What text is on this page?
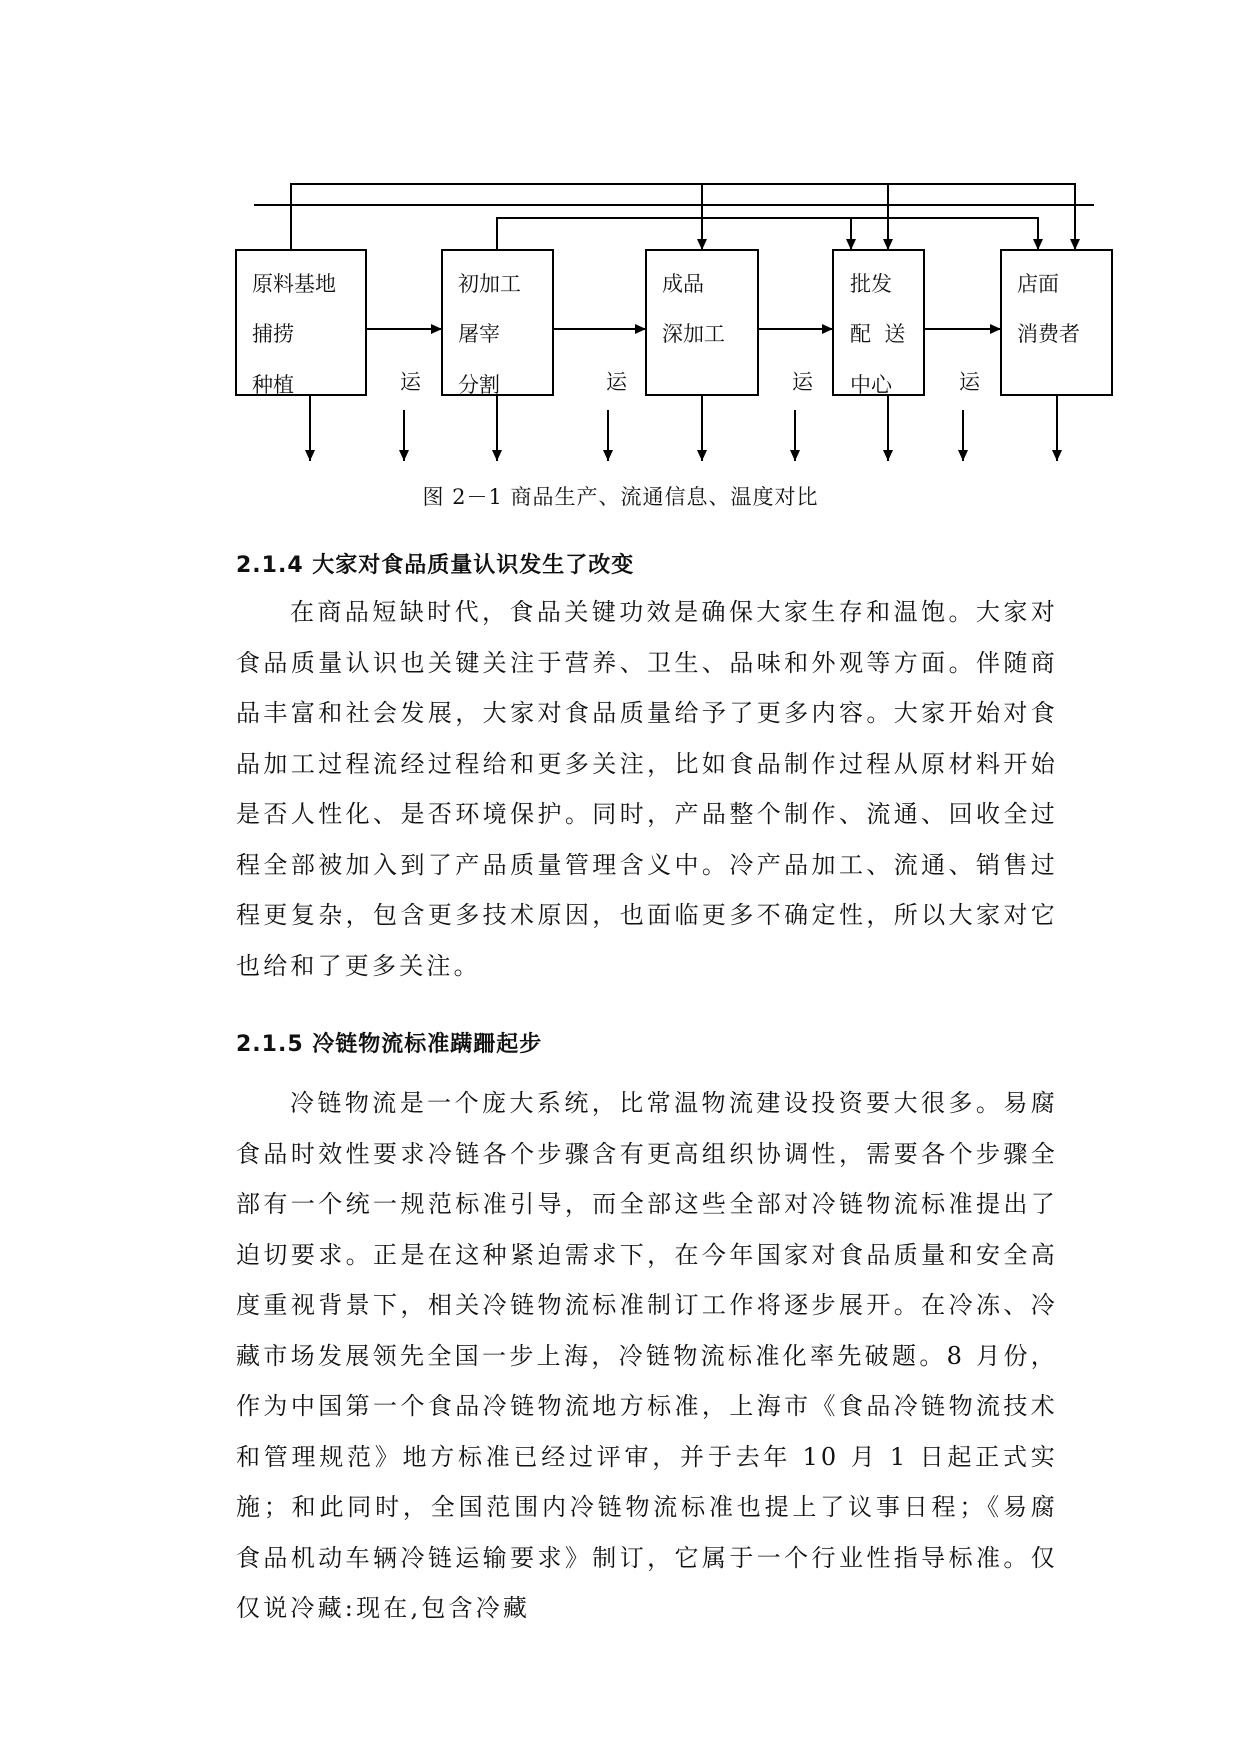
原料基地
捕捞
种植
初加工
屠宰
分割
成品
深加工
批发
配  送
中心
店面
消费者
运	运	运	运
图 2－1 商品生产、流通信息、温度对比
2.1.4 大家对食品质量认识发生了改变

在商品短缺时代，食品关键功效是确保大家生存和温饱。大家对食品质量认识也关键关注于营养、卫生、品味和外观等方面。伴随商品丰富和社会发展，大家对食品质量给予了更多内容。大家开始对食品加工过程流经过程给和更多关注，比如食品制作过程从原材料开始是否人性化、是否环境保护。同时，产品整个制作、流通、回收全过程全部被加入到了产品质量管理含义中。冷产品加工、流通、销售过程更复杂，包含更多技术原因，也面临更多不确定性，所以大家对它也给和了更多关注。

2.1.5 冷链物流标准蹒跚起步

冷链物流是一个庞大系统，比常温物流建设投资要大很多。易腐食品时效性要求冷链各个步骤含有更高组织协调性，需要各个步骤全部有一个统一规范标准引导，而全部这些全部对冷链物流标准提出了迫切要求。正是在这种紧迫需求下，在今年国家对食品质量和安全高度重视背景下，相关冷链物流标准制订工作将逐步展开。在冷冻、冷藏市场发展领先全国一步上海，冷链物流标准化率先破题。8 月份，作为中国第一个食品冷链物流地方标准，上海市《食品冷链物流技术和管理规范》地方标准已经过评审，并于去年 10 月 1 日起正式实施；和此同时，全国范围内冷链物流标准也提上了议事日程；《易腐食品机动车辆冷链运输要求》制订，它属于一个行业性指导标准。仅仅说冷藏:现在,包含冷藏
